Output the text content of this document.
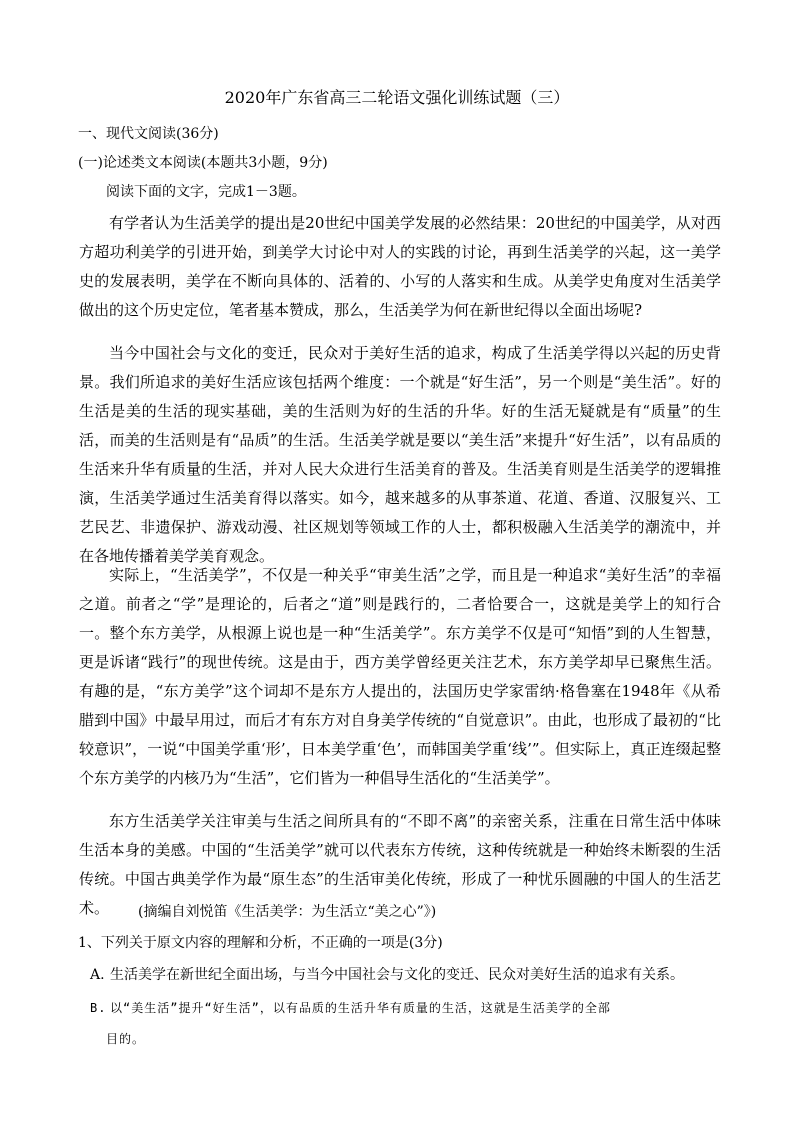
2020年广东省高三二轮语文强化训练试题（三）
一、现代文阅读(36分)
(一)论述类文本阅读(本题共3小题，9分)
阅读下面的文字，完成1－3题。
有学者认为生活美学的提出是20世纪中国美学发展的必然结果：20世纪的中国美学，从对西方超功利美学的引进开始，到美学大讨论中对人的实践的讨论，再到生活美学的兴起，这一美学史的发展表明，美学在不断向具体的、活着的、小写的人落实和生成。从美学史角度对生活美学做出的这个历史定位，笔者基本赞成，那么，生活美学为何在新世纪得以全面出场呢?
当今中国社会与文化的变迁，民众对于美好生活的追求，构成了生活美学得以兴起的历史背景。我们所追求的美好生活应该包括两个维度：一个就是“好生活”，另一个则是“美生活”。好的生活是美的生活的现实基础，美的生活则为好的生活的升华。好的生活无疑就是有“质量”的生活，而美的生活则是有“品质”的生活。生活美学就是要以“美生活”来提升“好生活”，以有品质的生活来升华有质量的生活，并对人民大众进行生活美育的普及。生活美育则是生活美学的逻辑推演，生活美学通过生活美育得以落实。如今，越来越多的从事茶道、花道、香道、汉服复兴、工艺民艺、非遗保护、游戏动漫、社区规划等领域工作的人士，都积极融入生活美学的潮流中，并在各地传播着美学美育观念。
实际上，“生活美学”，不仅是一种关乎“审美生活”之学，而且是一种追求“美好生活”的幸福之道。前者之“学”是理论的，后者之“道”则是践行的，二者恰要合一，这就是美学上的知行合一。整个东方美学，从根源上说也是一种“生活美学”。东方美学不仅是可“知悟”到的人生智慧，更是诉诸“践行”的现世传统。这是由于，西方美学曾经更关注艺术，东方美学却早已聚焦生活。有趣的是，“东方美学”这个词却不是东方人提出的，法国历史学家雷纳·格鲁塞在1948年《从希腊到中国》中最早用过，而后才有东方对自身美学传统的“自觉意识”。由此，也形成了最初的“比较意识”，一说“中国美学重‘形’，日本美学重‘色’，而韩国美学重‘线’”。但实际上，真正连缀起整个东方美学的内核乃为“生活”，它们皆为一种倡导生活化的“生活美学”。
东方生活美学关注审美与生活之间所具有的“不即不离”的亲密关系，注重在日常生活中体味生活本身的美感。中国的“生活美学”就可以代表东方传统，这种传统就是一种始终未断裂的生活传统。中国古典美学作为最“原生态”的生活审美化传统，形成了一种忧乐圆融的中国人的生活艺术。	(摘编自刘悦笛《生活美学：为生活立“美之心”》)
1、下列关于原文内容的理解和分析，不正确的一项是(3分)
A. 生活美学在新世纪全面出场，与当今中国社会与文化的变迁、民众对美好生活的追求有关系。
B. 以“美生活”提升“好生活”，以有品质的生活升华有质量的生活，这就是生活美学的全部
目的。
